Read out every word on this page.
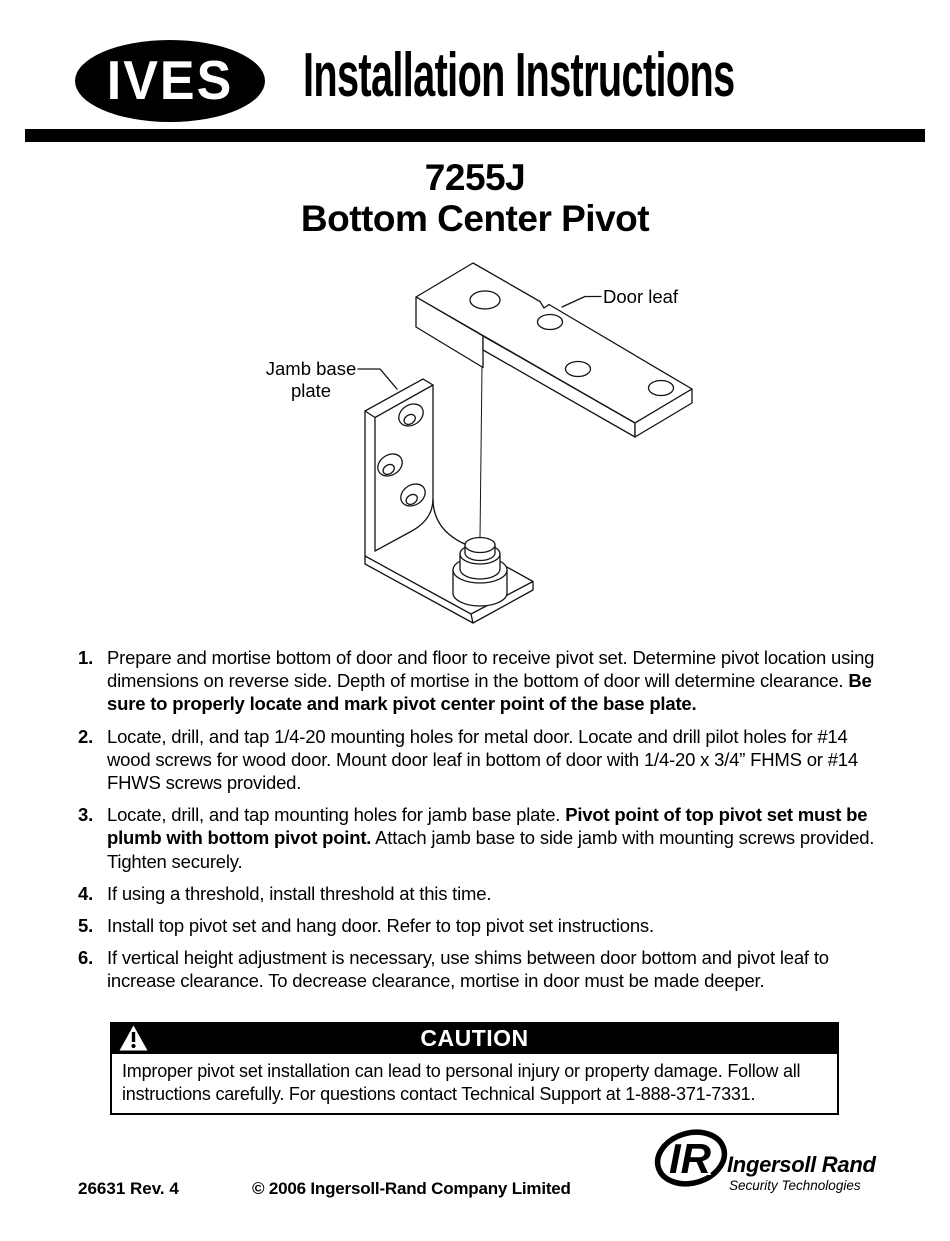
IVES Installation Instructions
7255J
Bottom Center Pivot
Door leaf
Jamb base
plate
1. Prepare and mortise bottom of door and floor to receive pivot set. Determine pivot location using dimensions on reverse side. Depth of mortise in the bottom of door will determine clearance. Be sure to properly locate and mark pivot center point of the base plate.
2. Locate, drill, and tap 1/4-20 mounting holes for metal door. Locate and drill pilot holes for #14 wood screws for wood door. Mount door leaf in bottom of door with 1/4-20 x 3/4” FHMS or #14 FHWS screws provided.
3. Locate, drill, and tap mounting holes for jamb base plate. Pivot point of top pivot set must be plumb with bottom pivot point. Attach jamb base to side jamb with mounting screws provided. Tighten securely.
4. If using a threshold, install threshold at this time.
5. Install top pivot set and hang door. Refer to top pivot set instructions.
6. If vertical height adjustment is necessary, use shims between door bottom and pivot leaf to increase clearance. To decrease clearance, mortise in door must be made deeper.
CAUTION
Improper pivot set installation can lead to personal injury or property damage. Follow all instructions carefully. For questions contact Technical Support at 1-888-371-7331.
26631 Rev. 4	© 2006 Ingersoll-Rand Company Limited
IR Ingersoll Rand
Security Technologies
